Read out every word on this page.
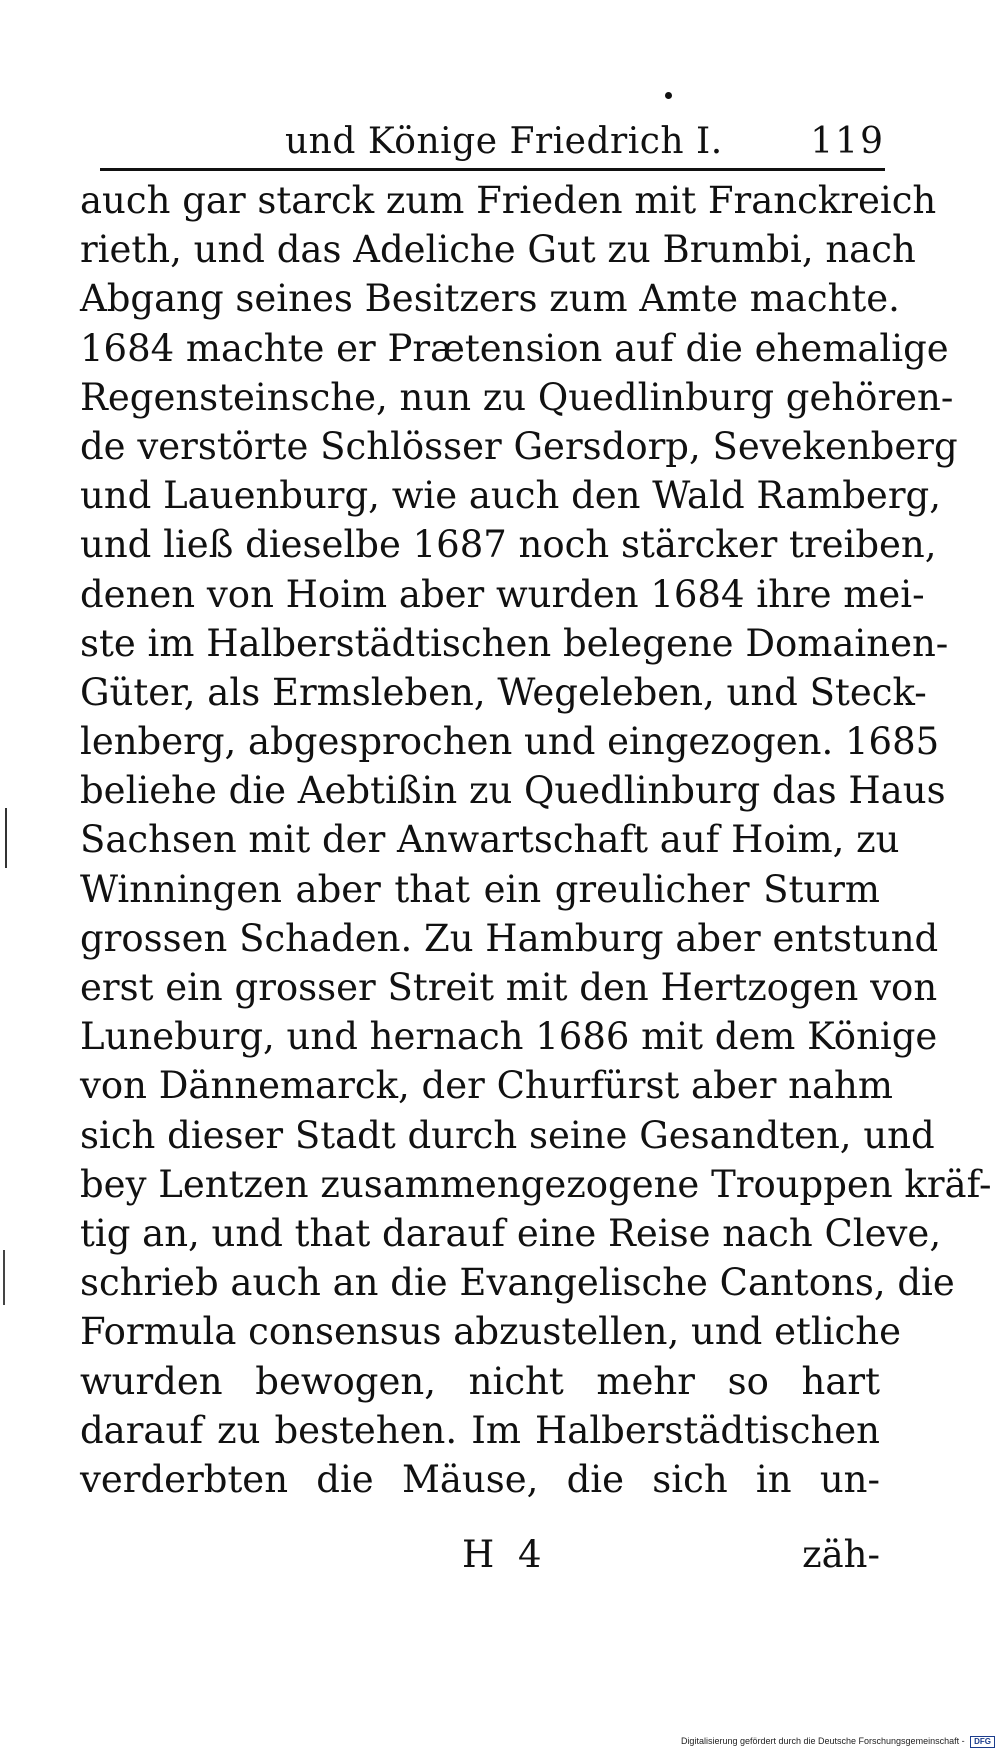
und Könige Friedrich I. 119
auch gar starck zum Frieden mit Franckreich
rieth, und das Adeliche Gut zu Brumbi, nach
Abgang seines Besitzers zum Amte machte.
1684 machte er Prætension auf die ehemalige
Regensteinsche, nun zu Quedlinburg gehören-
de verstörte Schlösser Gersdorp, Sevekenberg
und Lauenburg, wie auch den Wald Ramberg,
und ließ dieselbe 1687 noch stärcker treiben,
denen von Hoim aber wurden 1684 ihre mei-
ste im Halberstädtischen belegene Domainen-
Güter, als Ermsleben, Wegeleben, und Steck-
lenberg, abgesprochen und eingezogen. 1685
beliehe die Aebtißin zu Quedlinburg das Haus
Sachsen mit der Anwartschaft auf Hoim, zu
Winningen aber that ein greulicher Sturm
grossen Schaden. Zu Hamburg aber entstund
erst ein grosser Streit mit den Hertzogen von
Luneburg, und hernach 1686 mit dem Könige
von Dännemarck, der Churfürst aber nahm
sich dieser Stadt durch seine Gesandten, und
bey Lentzen zusammengezogene Trouppen kräf-
tig an, und that darauf eine Reise nach Cleve,
schrieb auch an die Evangelische Cantons, die
Formula consensus abzustellen, und etliche
wurden bewogen, nicht mehr so hart
darauf zu bestehen. Im Halberstädtischen
verderbten die Mäuse, die sich in un-
H 4	zäh-
Digitalisierung gefördert durch die Deutsche Forschungsgemeinschaft - DFG
